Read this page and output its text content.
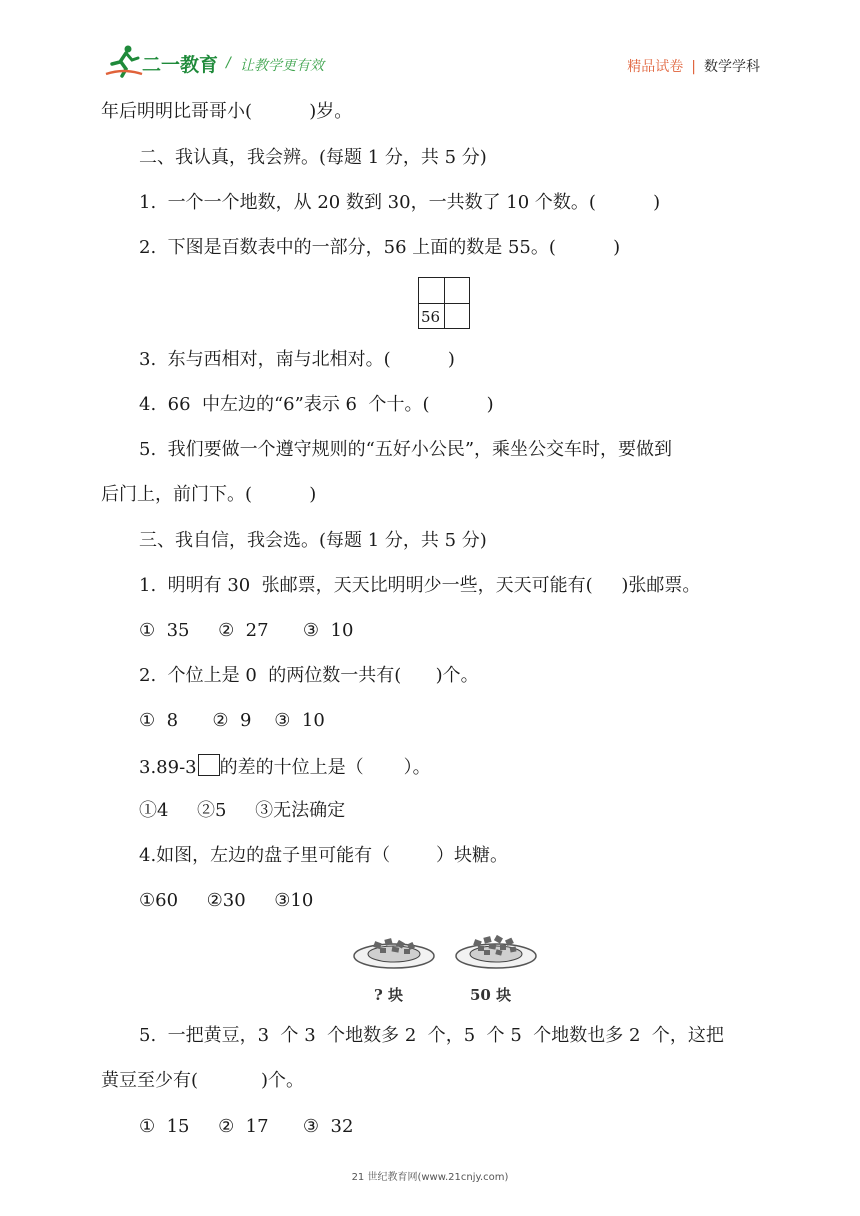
二一教育 / 让教学更有效	精品试卷 | 数学学科
年后明明比哥哥小(          )岁。
二、我认真，我会辨。(每题 1 分，共 5 分)
1.  一个一个地数，从 20 数到 30，一共数了 10 个数。(          )
2.  下图是百数表中的一部分，56 上面的数是 55。(          )
56
3.  东与西相对，南与北相对。(          )
4.  66  中左边的“6”表示 6  个十。(          )
5.  我们要做一个遵守规则的“五好小公民”，乘坐公交车时，要做到
后门上，前门下。(          )
三、我自信，我会选。(每题 1 分，共 5 分)
1.  明明有 30  张邮票，天天比明明少一些，天天可能有(     )张邮票。
①  35     ②  27      ③  10
2.  个位上是 0  的两位数一共有(      )个。
①  8      ②  9    ③  10
3.89-3 的差的十位上是（       ）。
①4     ②5     ③无法确定
4.如图，左边的盘子里可能有（        ）块糖。
①60     ②30     ③10
? 块	50 块
5.  一把黄豆，3  个 3  个地数多 2  个，5  个 5  个地数也多 2  个，这把
黄豆至少有(           )个。
①  15     ②  17      ③  32
21 世纪教育网(www.21cnjy.com)
